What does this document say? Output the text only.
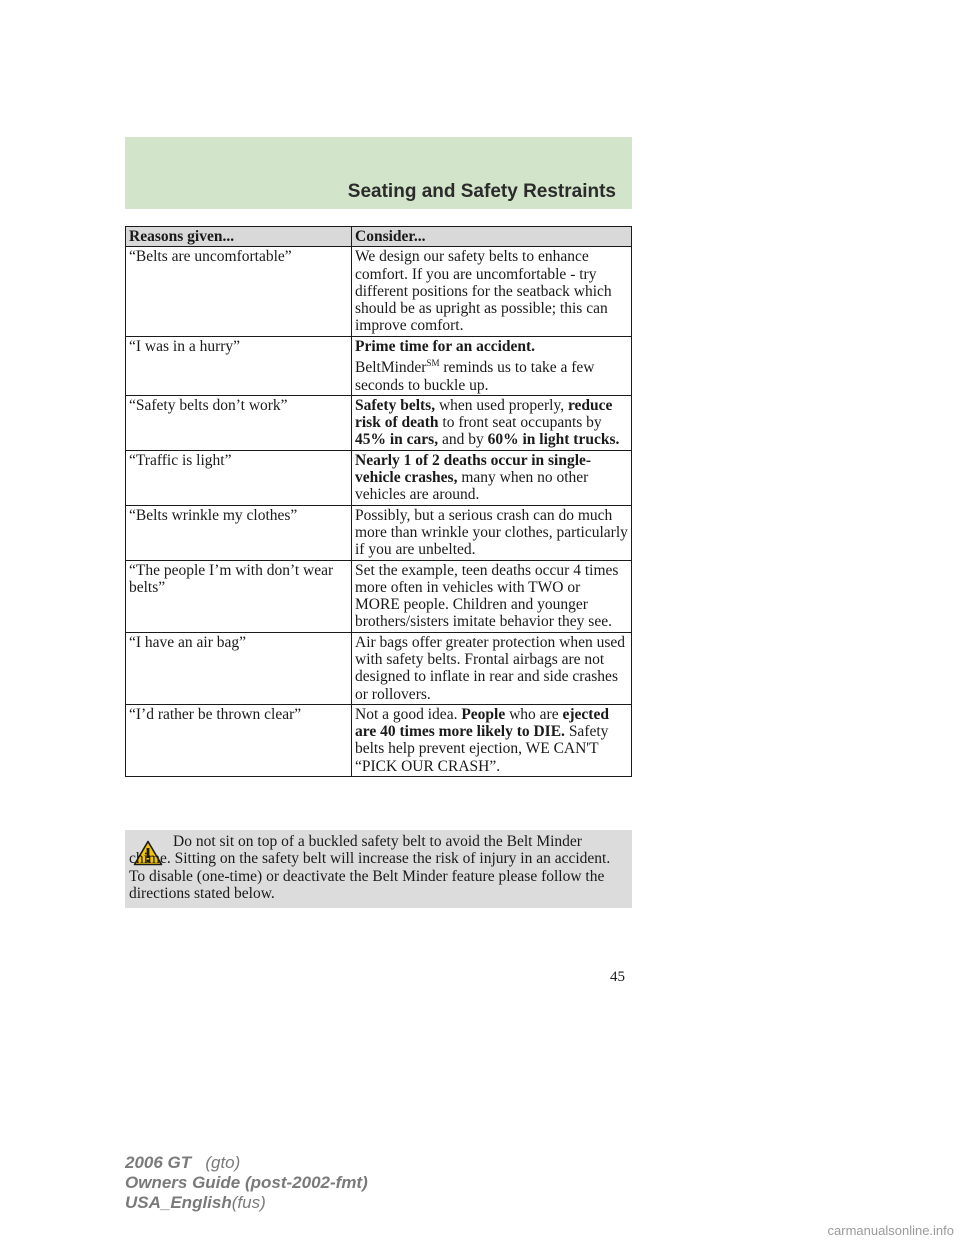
Seating and Safety Restraints
Reasons given...	Consider...
“Belts are uncomfortable”	We design our safety belts to enhance comfort. If you are uncomfortable - try different positions for the seatback which should be as upright as possible; this can improve comfort.
“I was in a hurry”	Prime time for an accident.
BeltMinder℠ reminds us to take a few seconds to buckle up.
“Safety belts don’t work”	Safety belts, when used properly, reduce risk of death to front seat occupants by 45% in cars, and by 60% in light trucks.
“Traffic is light”	Nearly 1 of 2 deaths occur in single-vehicle crashes, many when no other vehicles are around.
“Belts wrinkle my clothes”	Possibly, but a serious crash can do much more than wrinkle your clothes, particularly if you are unbelted.
“The people I’m with don’t wear belts”	Set the example, teen deaths occur 4 times more often in vehicles with TWO or MORE people. Children and younger brothers/sisters imitate behavior they see.
“I have an air bag”	Air bags offer greater protection when used with safety belts. Frontal airbags are not designed to inflate in rear and side crashes or rollovers.
“I’d rather be thrown clear”	Not a good idea. People who are ejected are 40 times more likely to DIE. Safety belts help prevent ejection, WE CAN'T “PICK OUR CRASH”.
Do not sit on top of a buckled safety belt to avoid the Belt Minder chime. Sitting on the safety belt will increase the risk of injury in an accident. To disable (one-time) or deactivate the Belt Minder feature please follow the directions stated below.
45
2006 GT (gto)
Owners Guide (post-2002-fmt)
USA_English(fus)
carmanualsonline.info
